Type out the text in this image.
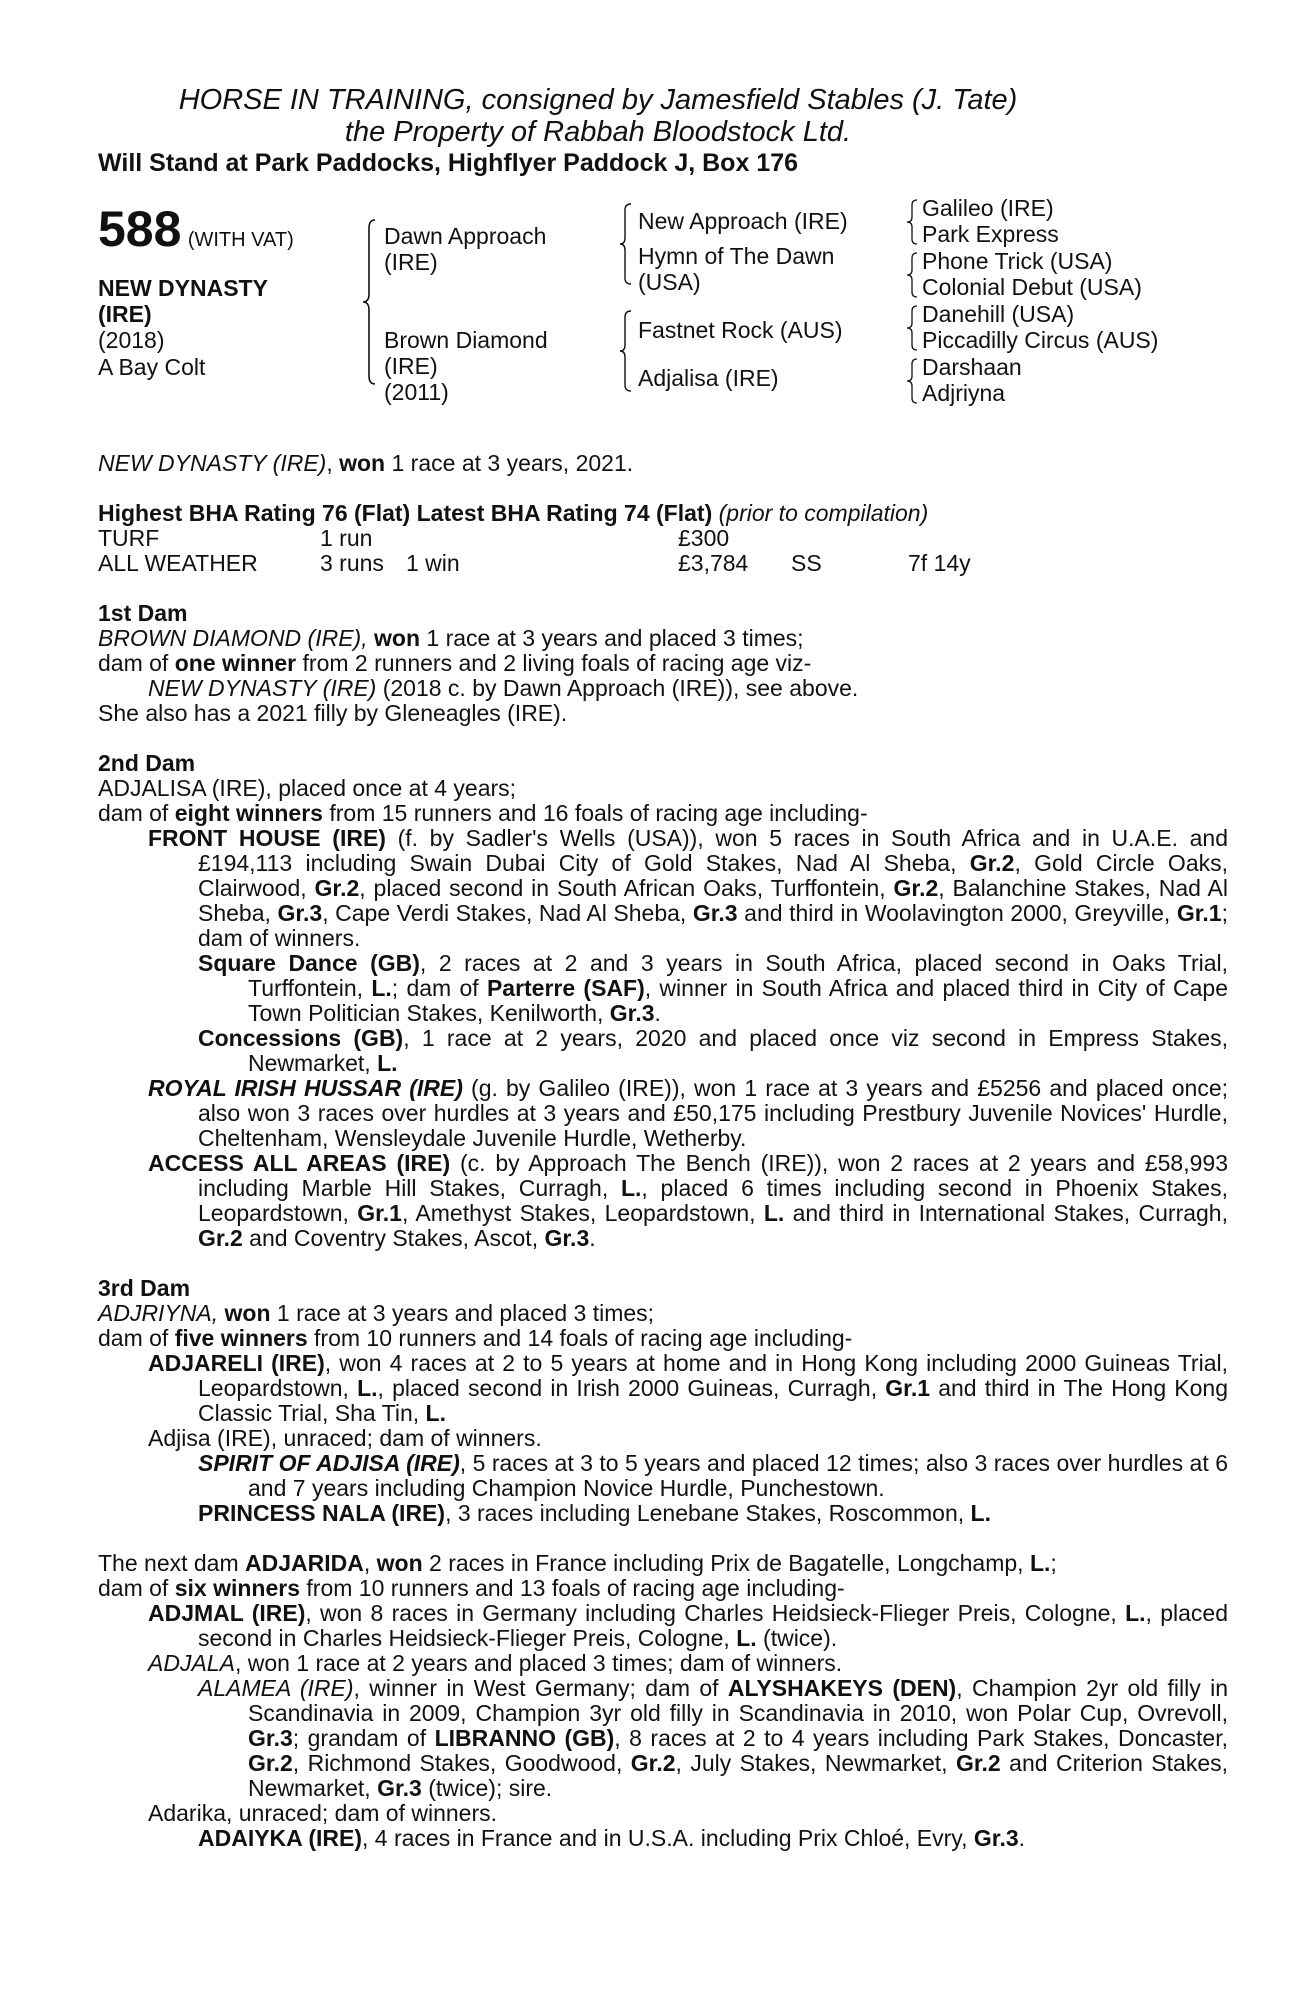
HORSE IN TRAINING, consigned by Jamesfield Stables (J. Tate)
the Property of Rabbah Bloodstock Ltd.
Will Stand at Park Paddocks, Highflyer Paddock J, Box 176
588 (WITH VAT)
NEW DYNASTY
(IRE)
(2018)
A Bay Colt
Dawn Approach
(IRE)
Brown Diamond
(IRE)
(2011)
New Approach (IRE)
Hymn of The Dawn
(USA)
Fastnet Rock (AUS)
Adjalisa (IRE)
Galileo (IRE)
Park Express
Phone Trick (USA)
Colonial Debut (USA)
Danehill (USA)
Piccadilly Circus (AUS)
Darshaan
Adjriyna

NEW DYNASTY (IRE), won 1 race at 3 years, 2021.

Highest BHA Rating 76 (Flat) Latest BHA Rating 74 (Flat) (prior to compilation)

TURF	1 run	£300
ALL WEATHER	3 runs 1 win	£3,784 SS	7f 14y

1st Dam

BROWN DIAMOND (IRE), won 1 race at 3 years and placed 3 times;

dam of one winner from 2 runners and 2 living foals of racing age viz-

NEW DYNASTY (IRE) (2018 c. by Dawn Approach (IRE)), see above.

She also has a 2021 filly by Gleneagles (IRE).

2nd Dam

ADJALISA (IRE), placed once at 4 years;

dam of eight winners from 15 runners and 16 foals of racing age including-

FRONT HOUSE (IRE) (f. by Sadler's Wells (USA)), won 5 races in South Africa and in U.A.E. and £194,113 including Swain Dubai City of Gold Stakes, Nad Al Sheba, Gr.2, Gold Circle Oaks, Clairwood, Gr.2, placed second in South African Oaks, Turffontein, Gr.2, Balanchine Stakes, Nad Al Sheba, Gr.3, Cape Verdi Stakes, Nad Al Sheba, Gr.3 and third in Woolavington 2000, Greyville, Gr.1; dam of winners.

Square Dance (GB), 2 races at 2 and 3 years in South Africa, placed second in Oaks Trial, Turffontein, L.; dam of Parterre (SAF), winner in South Africa and placed third in City of Cape Town Politician Stakes, Kenilworth, Gr.3.

Concessions (GB), 1 race at 2 years, 2020 and placed once viz second in Empress Stakes, Newmarket, L.

ROYAL IRISH HUSSAR (IRE) (g. by Galileo (IRE)), won 1 race at 3 years and £5256 and placed once; also won 3 races over hurdles at 3 years and £50,175 including Prestbury Juvenile Novices' Hurdle, Cheltenham, Wensleydale Juvenile Hurdle, Wetherby.

ACCESS ALL AREAS (IRE) (c. by Approach The Bench (IRE)), won 2 races at 2 years and £58,993 including Marble Hill Stakes, Curragh, L., placed 6 times including second in Phoenix Stakes, Leopardstown, Gr.1, Amethyst Stakes, Leopardstown, L. and third in International Stakes, Curragh, Gr.2 and Coventry Stakes, Ascot, Gr.3.

3rd Dam

ADJRIYNA, won 1 race at 3 years and placed 3 times;

dam of five winners from 10 runners and 14 foals of racing age including-

ADJARELI (IRE), won 4 races at 2 to 5 years at home and in Hong Kong including 2000 Guineas Trial, Leopardstown, L., placed second in Irish 2000 Guineas, Curragh, Gr.1 and third in The Hong Kong Classic Trial, Sha Tin, L.

Adjisa (IRE), unraced; dam of winners.

SPIRIT OF ADJISA (IRE), 5 races at 3 to 5 years and placed 12 times; also 3 races over hurdles at 6 and 7 years including Champion Novice Hurdle, Punchestown.

PRINCESS NALA (IRE), 3 races including Lenebane Stakes, Roscommon, L.

The next dam ADJARIDA, won 2 races in France including Prix de Bagatelle, Longchamp, L.;

dam of six winners from 10 runners and 13 foals of racing age including-

ADJMAL (IRE), won 8 races in Germany including Charles Heidsieck-Flieger Preis, Cologne, L., placed second in Charles Heidsieck-Flieger Preis, Cologne, L. (twice).

ADJALA, won 1 race at 2 years and placed 3 times; dam of winners.

ALAMEA (IRE), winner in West Germany; dam of ALYSHAKEYS (DEN), Champion 2yr old filly in Scandinavia in 2009, Champion 3yr old filly in Scandinavia in 2010, won Polar Cup, Ovrevoll, Gr.3; grandam of LIBRANNO (GB), 8 races at 2 to 4 years including Park Stakes, Doncaster, Gr.2, Richmond Stakes, Goodwood, Gr.2, July Stakes, Newmarket, Gr.2 and Criterion Stakes, Newmarket, Gr.3 (twice); sire.

Adarika, unraced; dam of winners.

ADAIYKA (IRE), 4 races in France and in U.S.A. including Prix Chloé, Evry, Gr.3.
